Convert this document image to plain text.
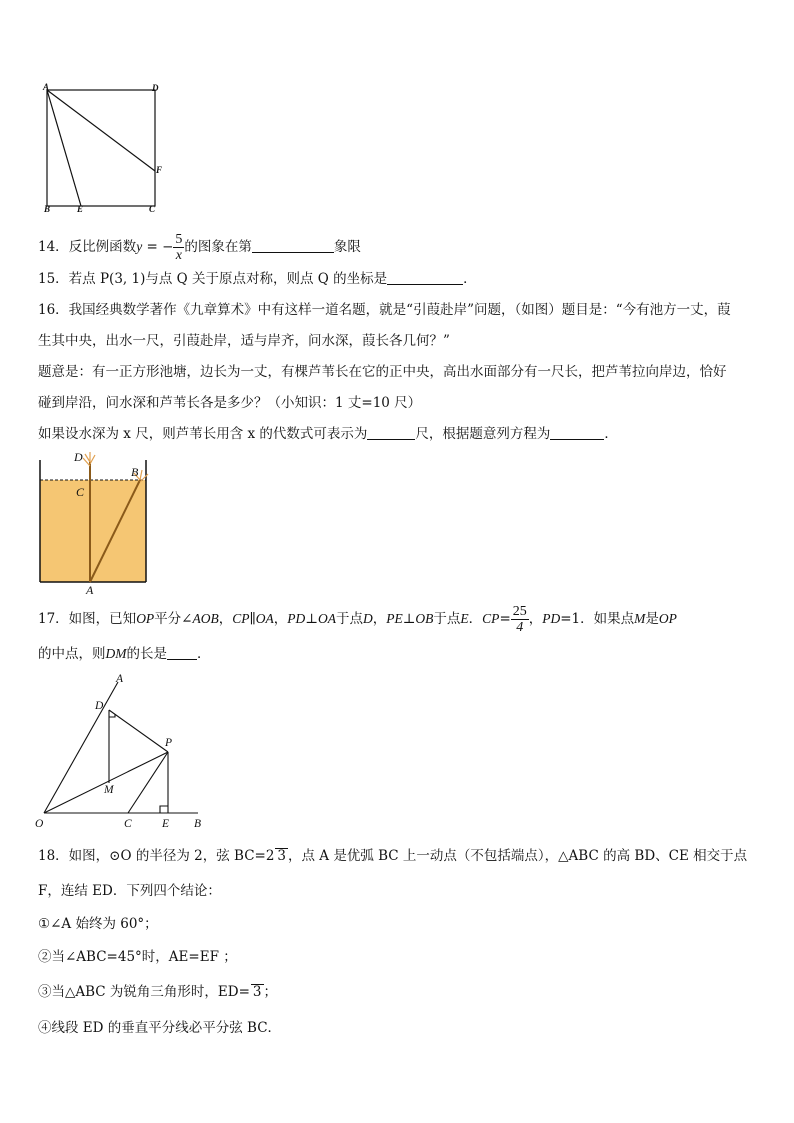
A	D
F
B	E	C
14．反比例函数y = − $\frac{5}{x}$ 的图象在第	象限
15．若点 P(3, 1)与点 Q 关于原点对称，则点 Q 的坐标是	．
16．我国经典数学著作《九章算术》中有这样一道名题，就是“引葭赴岸”问题，（如图）题目是：“今有池方一丈，葭
生其中央，出水一尺，引葭赴岸，适与岸齐，问水深，葭长各几何？”
题意是：有一正方形池塘，边长为一丈，有棵芦苇长在它的正中央，高出水面部分有一尺长，把芦苇拉向岸边，恰好
碰到岸沿，问水深和芦苇长各是多少？（小知识：1 丈=10 尺）
如果设水深为 x 尺，则芦苇长用含 x 的代数式可表示为	尺，根据题意列方程为	．
D
B
C
A
17．如图，已知OP平分∠AOB，CP∥OA，PD⊥OA于点D，PE⊥OB于点E．$CP= \frac{25}{4}$ ，PD=1．如果点M是OP
的中点，则DM的长是 ．
A
D
P
M
O	C	E B
18．如图，⊙O 的半径为 2，弦 BC=2 3 ，点 A 是优弧 BC 上一动点（不包括端点），△ABC 的高 BD、CE 相交于点
F，连结 ED．下列四个结论：
①∠A 始终为 60°；
②当∠ABC=45°时，AE=EF ；
③当△ABC 为锐角三角形时，ED= 3 ；
④线段 ED 的垂直平分线必平分弦 BC．
